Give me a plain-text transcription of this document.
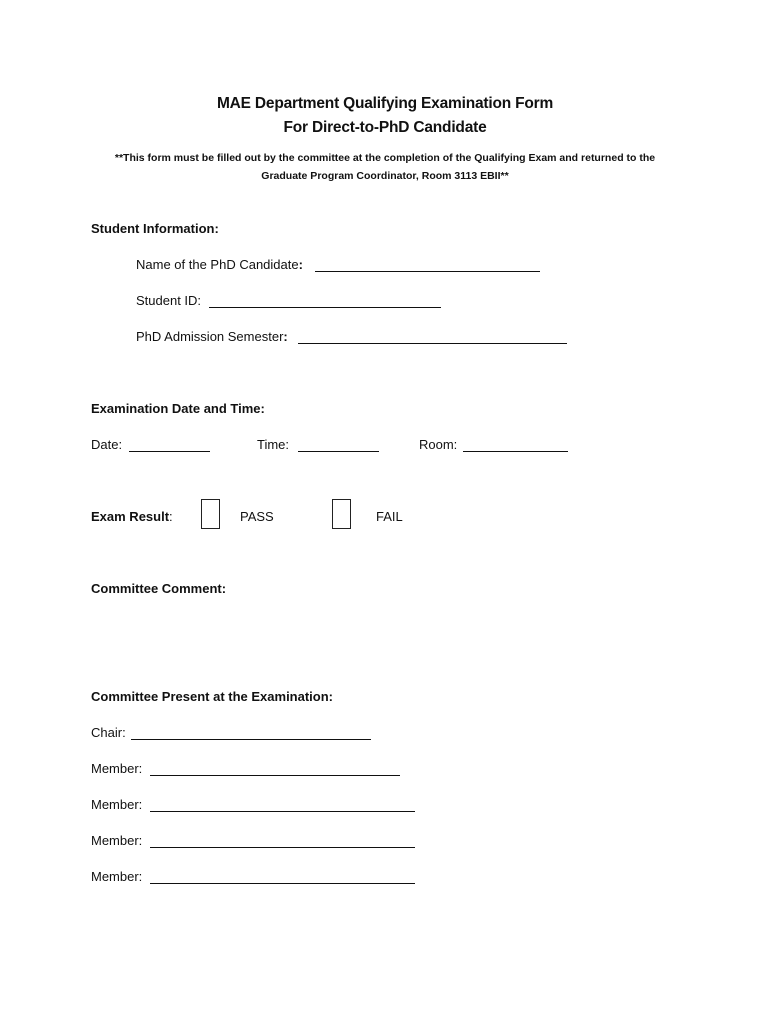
MAE Department Qualifying Examination Form
For Direct-to-PhD Candidate
**This form must be filled out by the committee at the completion of the Qualifying Exam and returned to the
Graduate Program Coordinator, Room 3113 EBII**
Student Information:
Name of the PhD Candidate:
Student ID:
PhD Admission Semester:
Examination Date and Time:
Date:	Time:	Room:
Exam Result:	PASS	FAIL
Committee Comment:
Committee Present at the Examination:
Chair:
Member:
Member:
Member:
Member:
